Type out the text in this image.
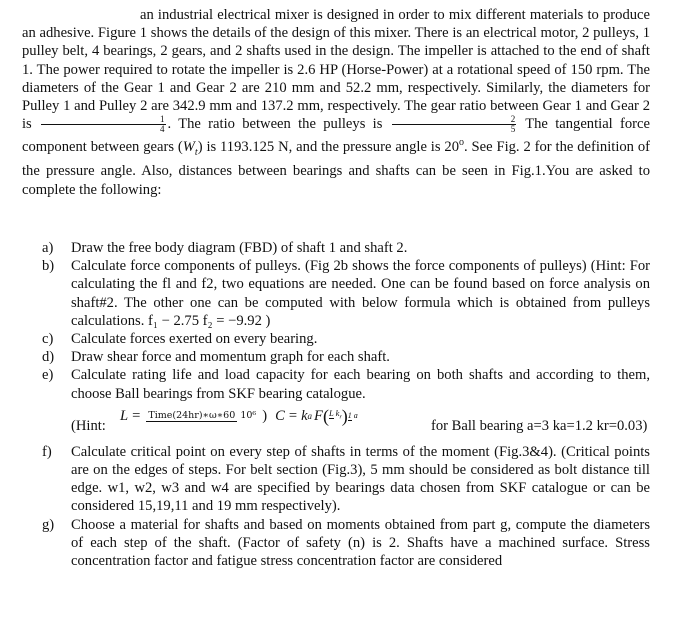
an industrial electrical mixer is designed in order to mix different materials to produce an adhesive. Figure 1 shows the details of the design of this mixer. There is an electrical motor, 2 pulleys, 1 pulley belt, 4 bearings, 2 gears, and 2 shafts used in the design. The impeller is attached to the end of shaft 1. The power required to rotate the impeller is 2.6 HP (Horse-Power) at a rotational speed of 150 rpm. The diameters of the Gear 1 and Gear 2 are 210 mm and 52.2 mm, respectively. Similarly, the diameters for Pulley 1 and Pulley 2 are 342.9 mm and 137.2 mm, respectively. The gear ratio between Gear 1 and Gear 2 is $\frac{1}{4}$ . The ratio between the pulleys is $\frac{2}{5}$ The tangential force component between gears $(W_t)$ is 1193.125 N, and the pressure angle is 20$^o$. See Fig. 2 for the definition of the pressure angle. Also, distances between bearings and shafts can be seen in Fig.1.You are asked to complete the following:

a) Draw the free body diagram (FBD) of shaft 1 and shaft 2.
b) Calculate force components of pulleys. (Fig 2b shows the force components of pulleys) (Hint: For calculating the fl and f2, two equations are needed. One can be found based on force analysis on shaft#2. The other one can be computed with below formula which is obtained from pulleys calculations. f₁ − 2.75 f₂ = −9.92 )
c) Calculate forces exerted on every bearing.
d) Draw shear force and momentum graph for each shaft.
e) Calculate rating life and load capacity for each bearing on both shafts and according to them, choose Ball bearings from SKF bearing catalogue.
(Hint:
L = Time(24hr)∗ω∗60 10⁶ ) C = k a F ( L $k_r$ ) 1 a
for Ball bearing a=3 ka=1.2 kr=0.03)
f) Calculate critical point on every step of shafts in terms of the moment (Fig.3&4). (Critical points are on the edges of steps. For belt section (Fig.3), 5 mm should be considered as bolt distance till edge. w1, w2, w3 and w4 are specified by bearings data chosen from SKF catalogue or can be considered 15,19,11 and 19 mm respectively).
g) Choose a material for shafts and based on moments obtained from part g, compute the diameters of each step of the shaft. (Factor of safety (n) is 2. Shafts have a machined surface. Stress concentration factor and fatigue stress concentration factor are considered
